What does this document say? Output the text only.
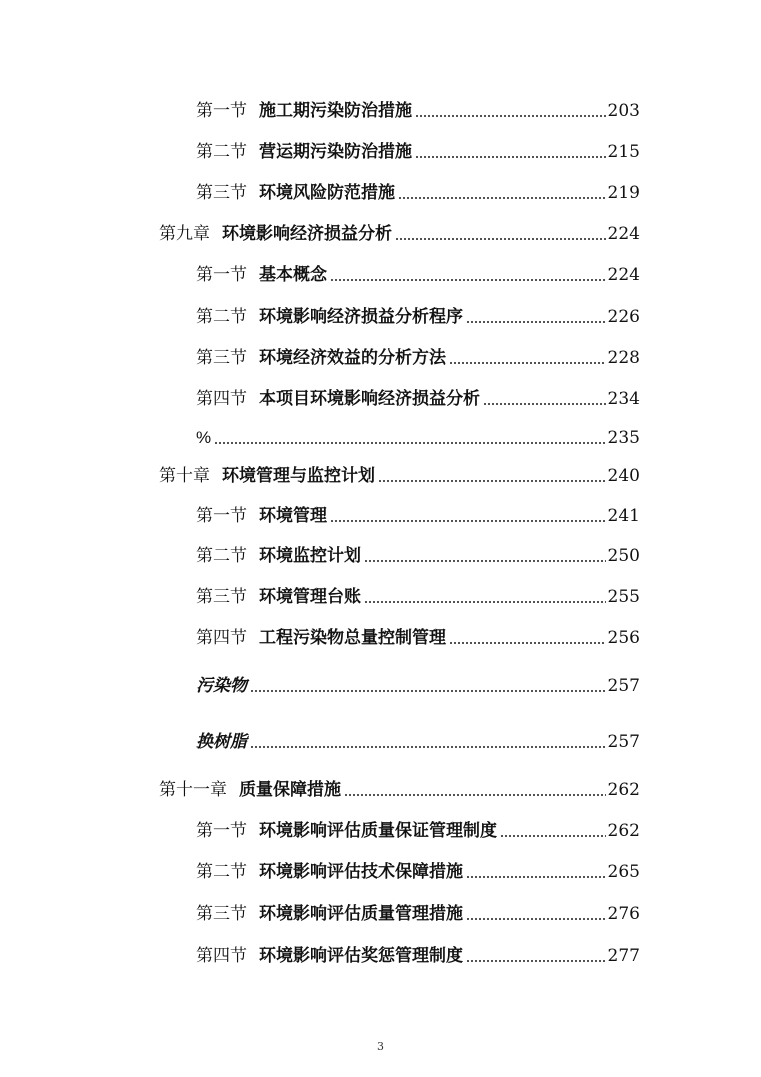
第一节 施工期污染防治措施	203
第二节 营运期污染防治措施	215
第三节 环境风险防范措施	219
第九章 环境影响经济损益分析	224
第一节 基本概念	224
第二节 环境影响经济损益分析程序	226
第三节 环境经济效益的分析方法	228
第四节 本项目环境影响经济损益分析	234
%	235
第十章 环境管理与监控计划	240
第一节 环境管理	241
第二节 环境监控计划	250
第三节 环境管理台账	255
第四节 工程污染物总量控制管理	256
污染物	257
换树脂	257
第十一章 质量保障措施	262
第一节 环境影响评估质量保证管理制度	262
第二节 环境影响评估技术保障措施	265
第三节 环境影响评估质量管理措施	276
第四节 环境影响评估奖惩管理制度	277
3
